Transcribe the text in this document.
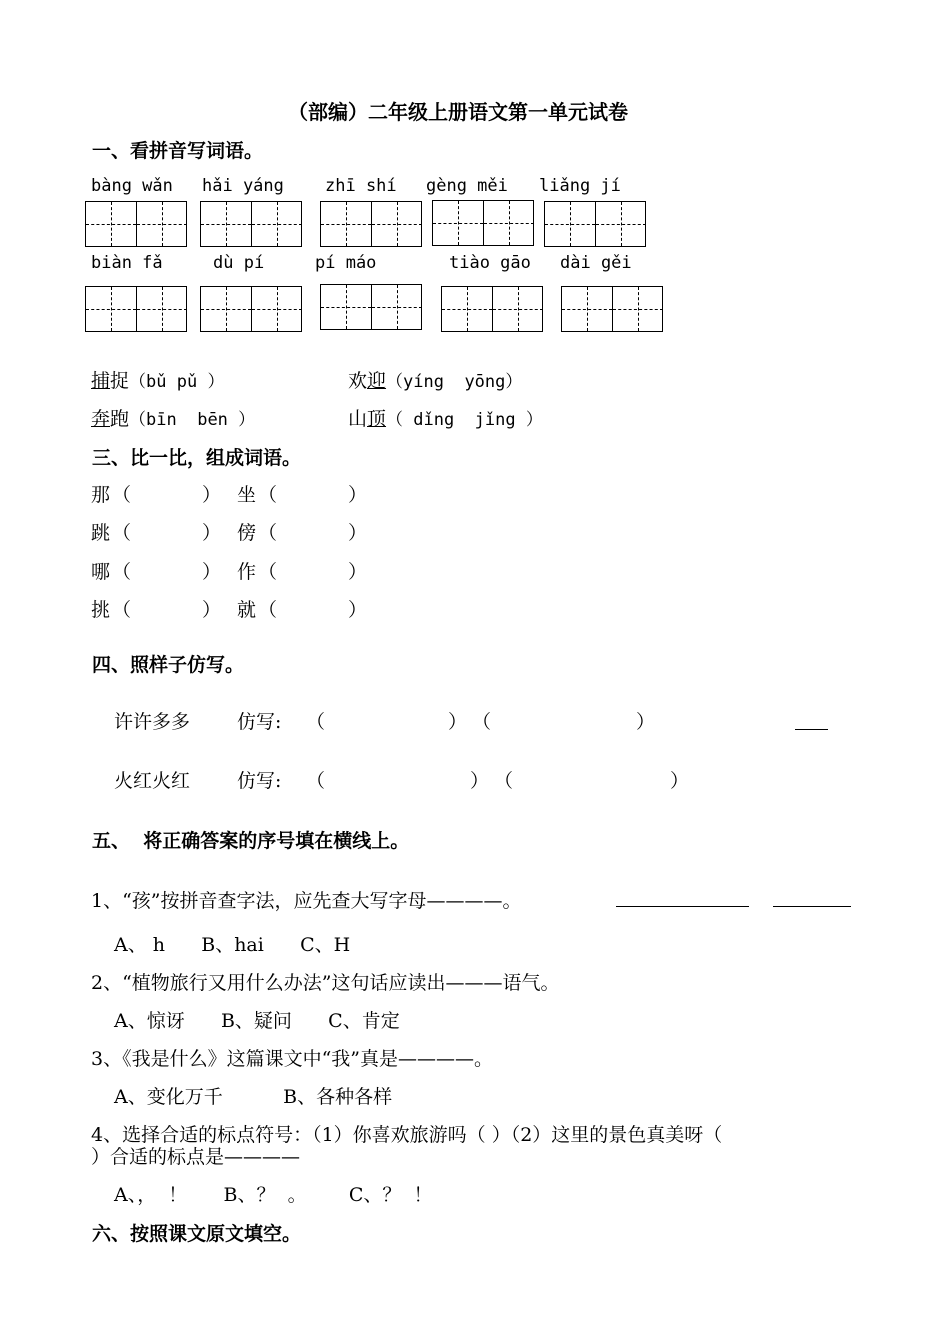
（部编）二年级上册语文第一单元试卷
一、看拼音写词语。
bàng wǎn hǎi yáng zhī shí gèng měi liǎng jí
biàn fǎ	dù pí	pí máo	tiào gāo dài gěi
二、选择正确的读音画上“---”。
捕捉（bǔ pǔ ）	欢迎（yíng  yōng）
奔跑（bīn  bēn ）	山顶（ dǐng  jǐng ）
三、比一比，组成词语。
那 （	） 坐 （	）
跳 （	） 傍 （	）
哪 （	） 作 （	）
挑 （	） 就 （	）
四、照样子仿写。
许许多多 仿写: （	） （	）
火红火红 仿写: （	） （	）
五、  将正确答案的序号填在横线上。
1、“孩”按拼音查字法，应先查大写字母————。
A、 h      B、hai      C、H
2、“植物旅行又用什么办法”这句话应读出———语气。
A、惊讶      B、疑问      C、肯定
3、《我是什么》这篇课文中“我”真是————。
A、变化万千          B、各种各样
4、选择合适的标点符号：（1）你喜欢旅游吗（ ）（2）这里的景色真美呀（
）合适的标点是————
A、，  ！      B、？  。       C、？  ！
六、按照课文原文填空。
